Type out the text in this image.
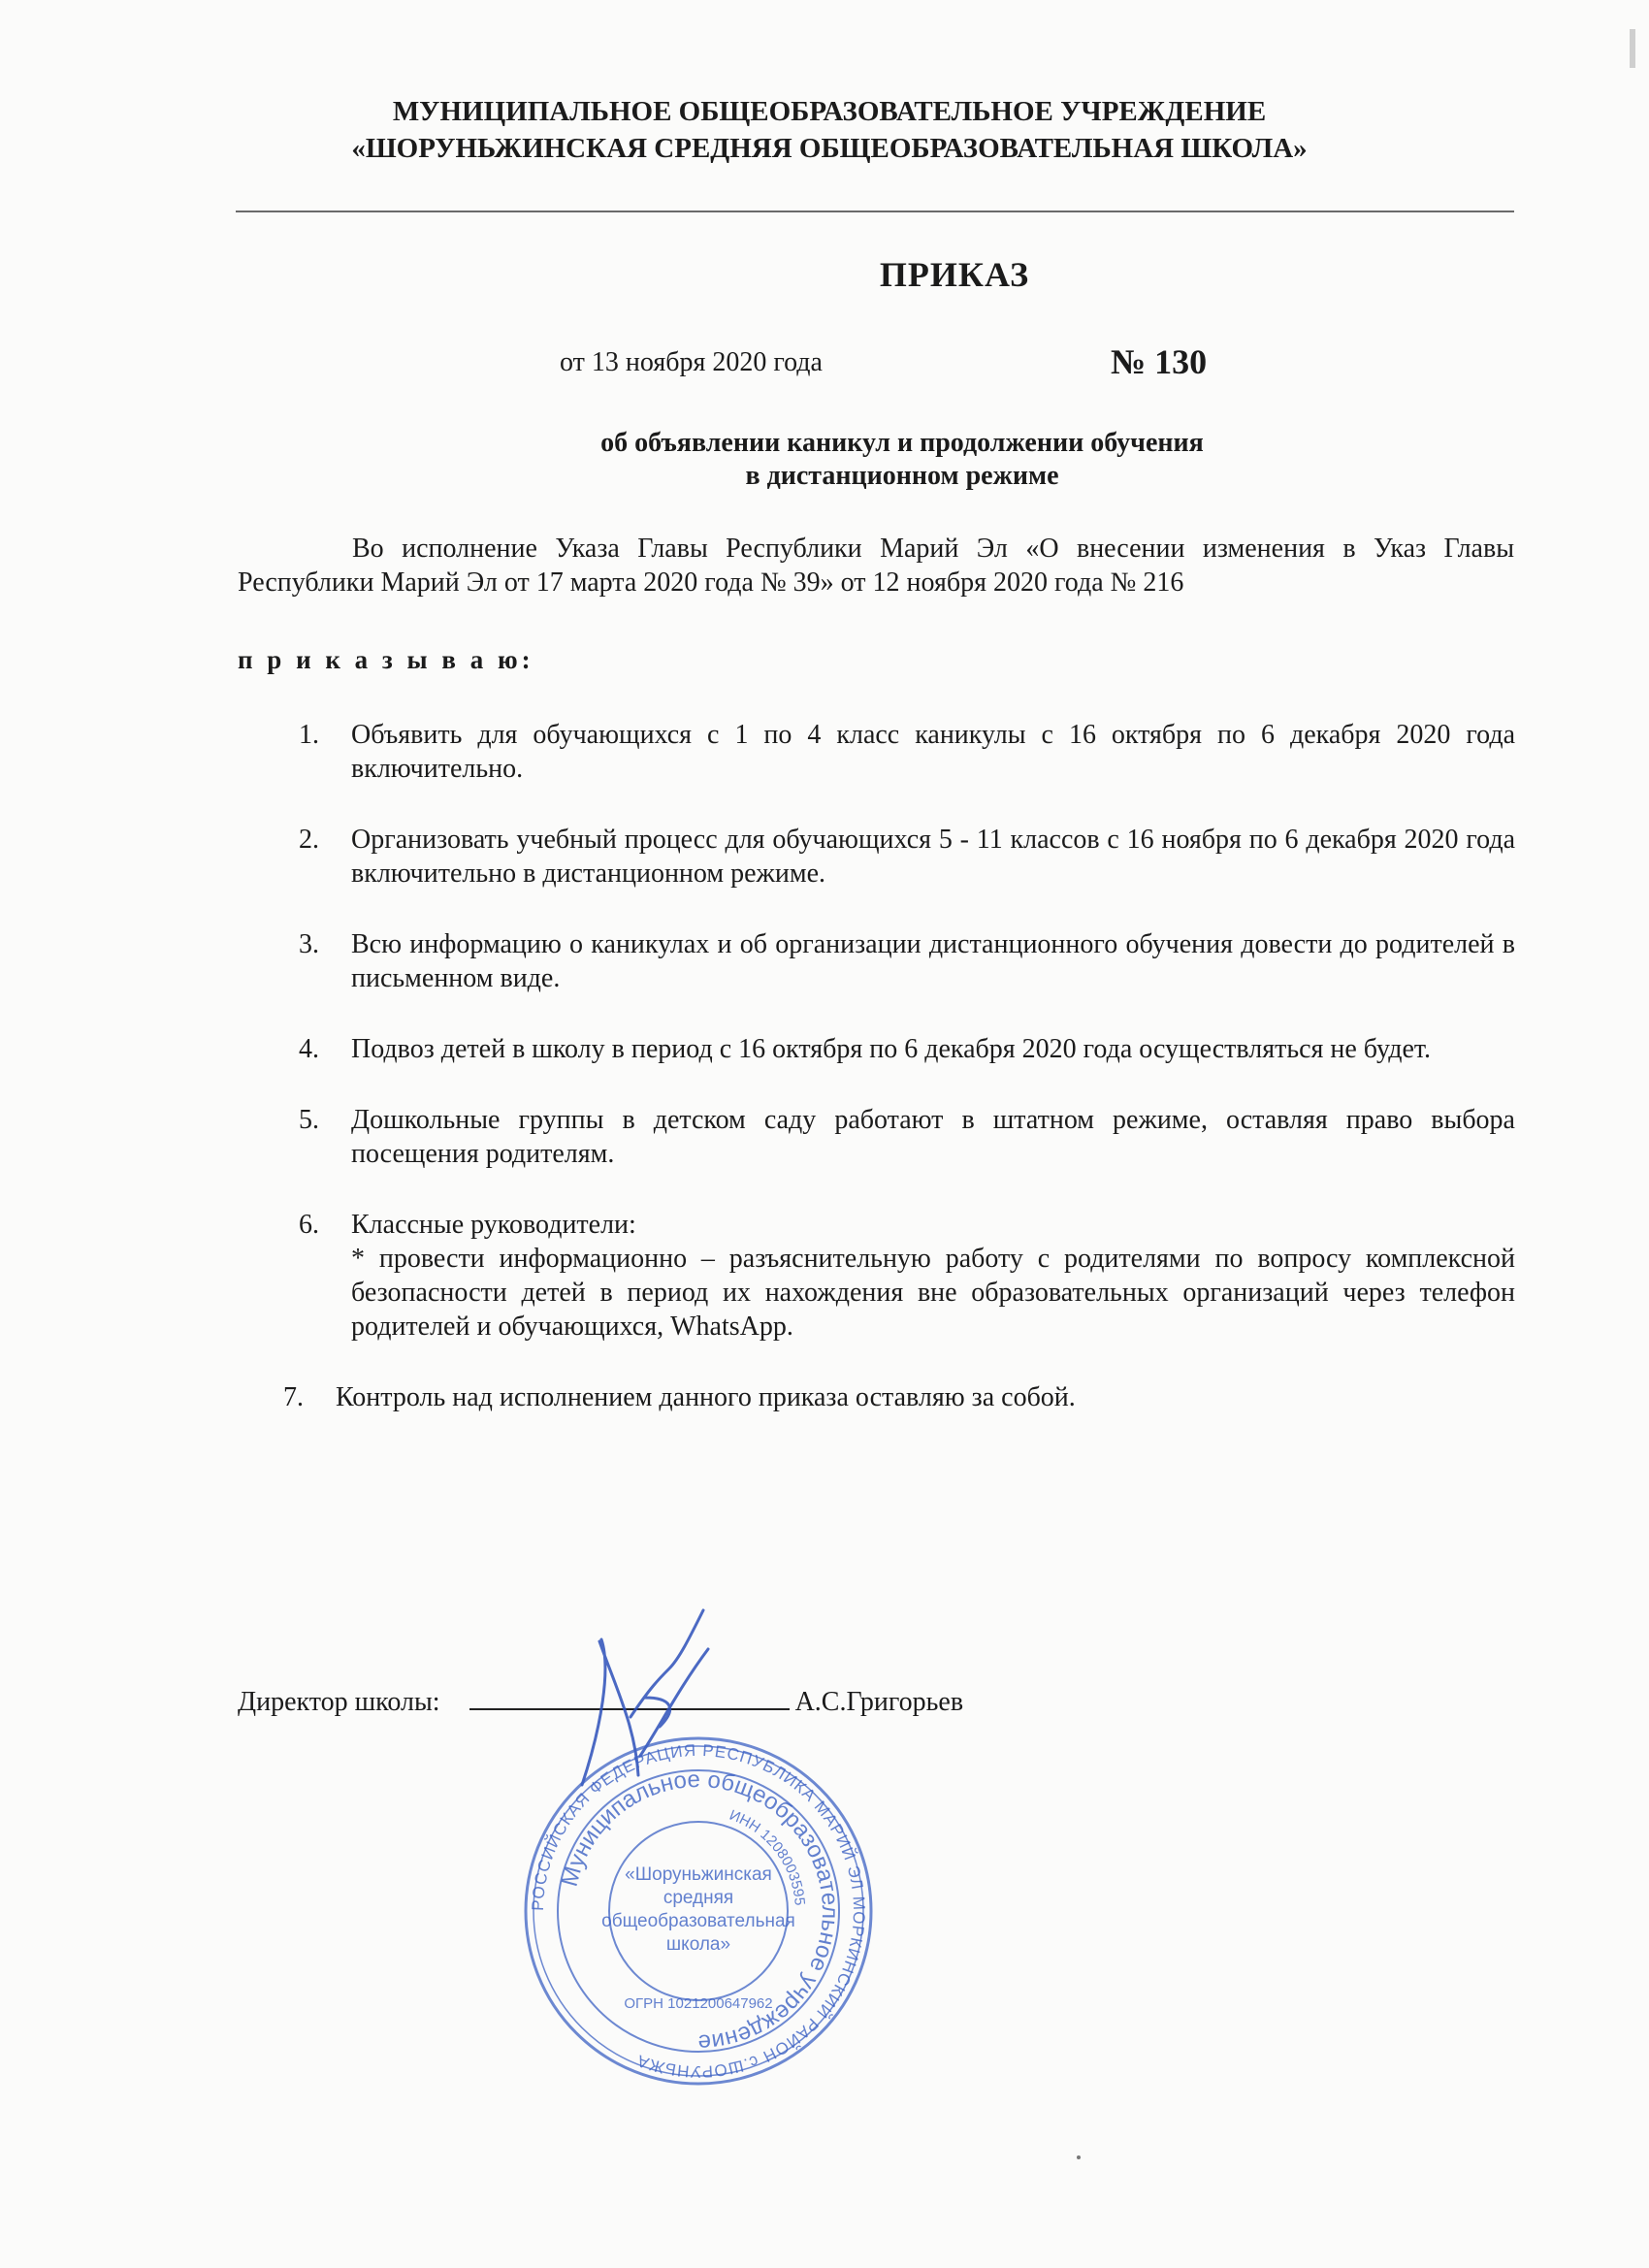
МУНИЦИПАЛЬНОЕ ОБЩЕОБРАЗОВАТЕЛЬНОЕ УЧРЕЖДЕНИЕ
«ШОРУНЬЖИНСКАЯ СРЕДНЯЯ ОБЩЕОБРАЗОВАТЕЛЬНАЯ ШКОЛА»
ПРИКАЗ
от 13 ноября 2020 года	№ 130
об объявлении каникул и продолжении обучения
в дистанционном режиме
Во исполнение Указа Главы Республики Марий Эл «О внесении изменения в Указ Главы Республики Марий Эл от 17 марта 2020 года № 39» от 12 ноября 2020 года № 216
п р и к а з ы в а ю:
1. Объявить для обучающихся с 1 по 4 класс каникулы с 16 октября по 6 декабря 2020 года включительно.
2. Организовать учебный процесс для обучающихся 5 - 11 классов с 16 ноября по 6 декабря 2020 года включительно в дистанционном режиме.
3. Всю информацию о каникулах и об организации дистанционного обучения довести до родителей в письменном виде.
4. Подвоз детей в школу в период с 16 октября по 6 декабря 2020 года осуществляться не будет.
5. Дошкольные группы в детском саду работают в штатном режиме, оставляя право выбора посещения родителям.
6. Классные руководители:
* провести информационно – разъяснительную работу с родителями по вопросу комплексной безопасности детей в период их нахождения вне образовательных организаций через телефон родителей и обучающихся, WhatsApp.
7. Контроль над исполнением данного приказа оставляю за собой.
Директор школы:	А.С.Григорьев
РОССИЙСКАЯ ФЕДЕРАЦИЯ РЕСПУБЛИКА МАРИЙ ЭЛ МОРКИНСКИЙ РАЙОН с.ШОРУНЬЖА
Муниципальное общеобразовательное учреждение
ИНН 1208003595
ОГРН 1021200647962
«Шоруньжинская
средняя
общеобразовательная
школа»
